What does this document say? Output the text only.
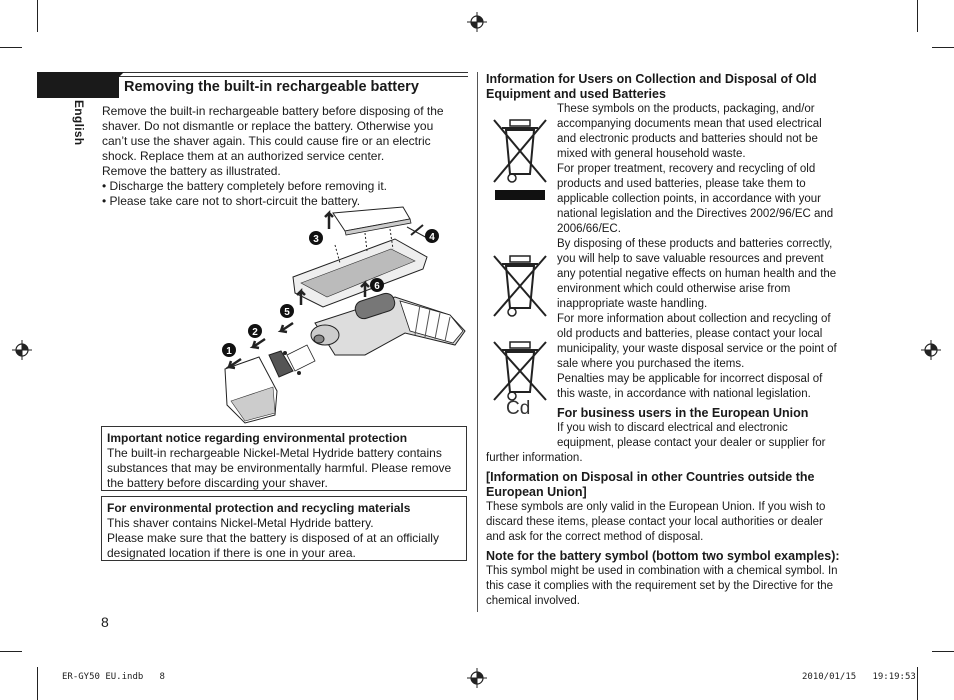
English
Removing the built-in rechargeable battery
Remove the built-in rechargeable battery before disposing of the
shaver. Do not dismantle or replace the battery. Otherwise you
can’t use the shaver again. This could cause fire or an electric
shock. Replace them at an authorized service center.
Remove the battery as illustrated.
• Discharge the battery completely before removing it.
• Please take care not to short-circuit the battery.
1
2
3	4
5
6
Important notice regarding environmental protection
The built-in rechargeable Nickel-Metal Hydride battery contains
substances that may be environmentally harmful. Please remove
the battery before discarding your shaver.
For environmental protection and recycling materials
This shaver contains Nickel-Metal Hydride battery.
Please make sure that the battery is disposed of at an officially
designated location if there is one in your area.
8
Information for Users on Collection and Disposal of Old
Equipment and used Batteries
These symbols on the products, packaging, and/or
accompanying documents mean that used electrical
and electronic products and batteries should not be
mixed with general household waste.
For proper treatment, recovery and recycling of old
products and used batteries, please take them to
applicable collection points, in accordance with your
national legislation and the Directives 2002/96/EC and
2006/66/EC.
By disposing of these products and batteries correctly,
you will help to save valuable resources and prevent
any potential negative effects on human health and the
environment which could otherwise arise from
inappropriate waste handling.
For more information about collection and recycling of
old products and batteries, please contact your local
municipality, your waste disposal service or the point of
sale where you purchased the items.
Penalties may be applicable for incorrect disposal of
this waste, in accordance with national legislation.
Cd For business users in the European Union
If you wish to discard electrical and electronic
equipment, please contact your dealer or supplier for
further information.
[Information on Disposal in other Countries outside the
European Union]
These symbols are only valid in the European Union. If you wish to
discard these items, please contact your local authorities or dealer
and ask for the correct method of disposal.
Note for the battery symbol (bottom two symbol examples):
This symbol might be used in combination with a chemical symbol. In
this case it complies with the requirement set by the Directive for the
chemical involved.
ER-GY50 EU.indb   8	2010/01/15   19:19:53
